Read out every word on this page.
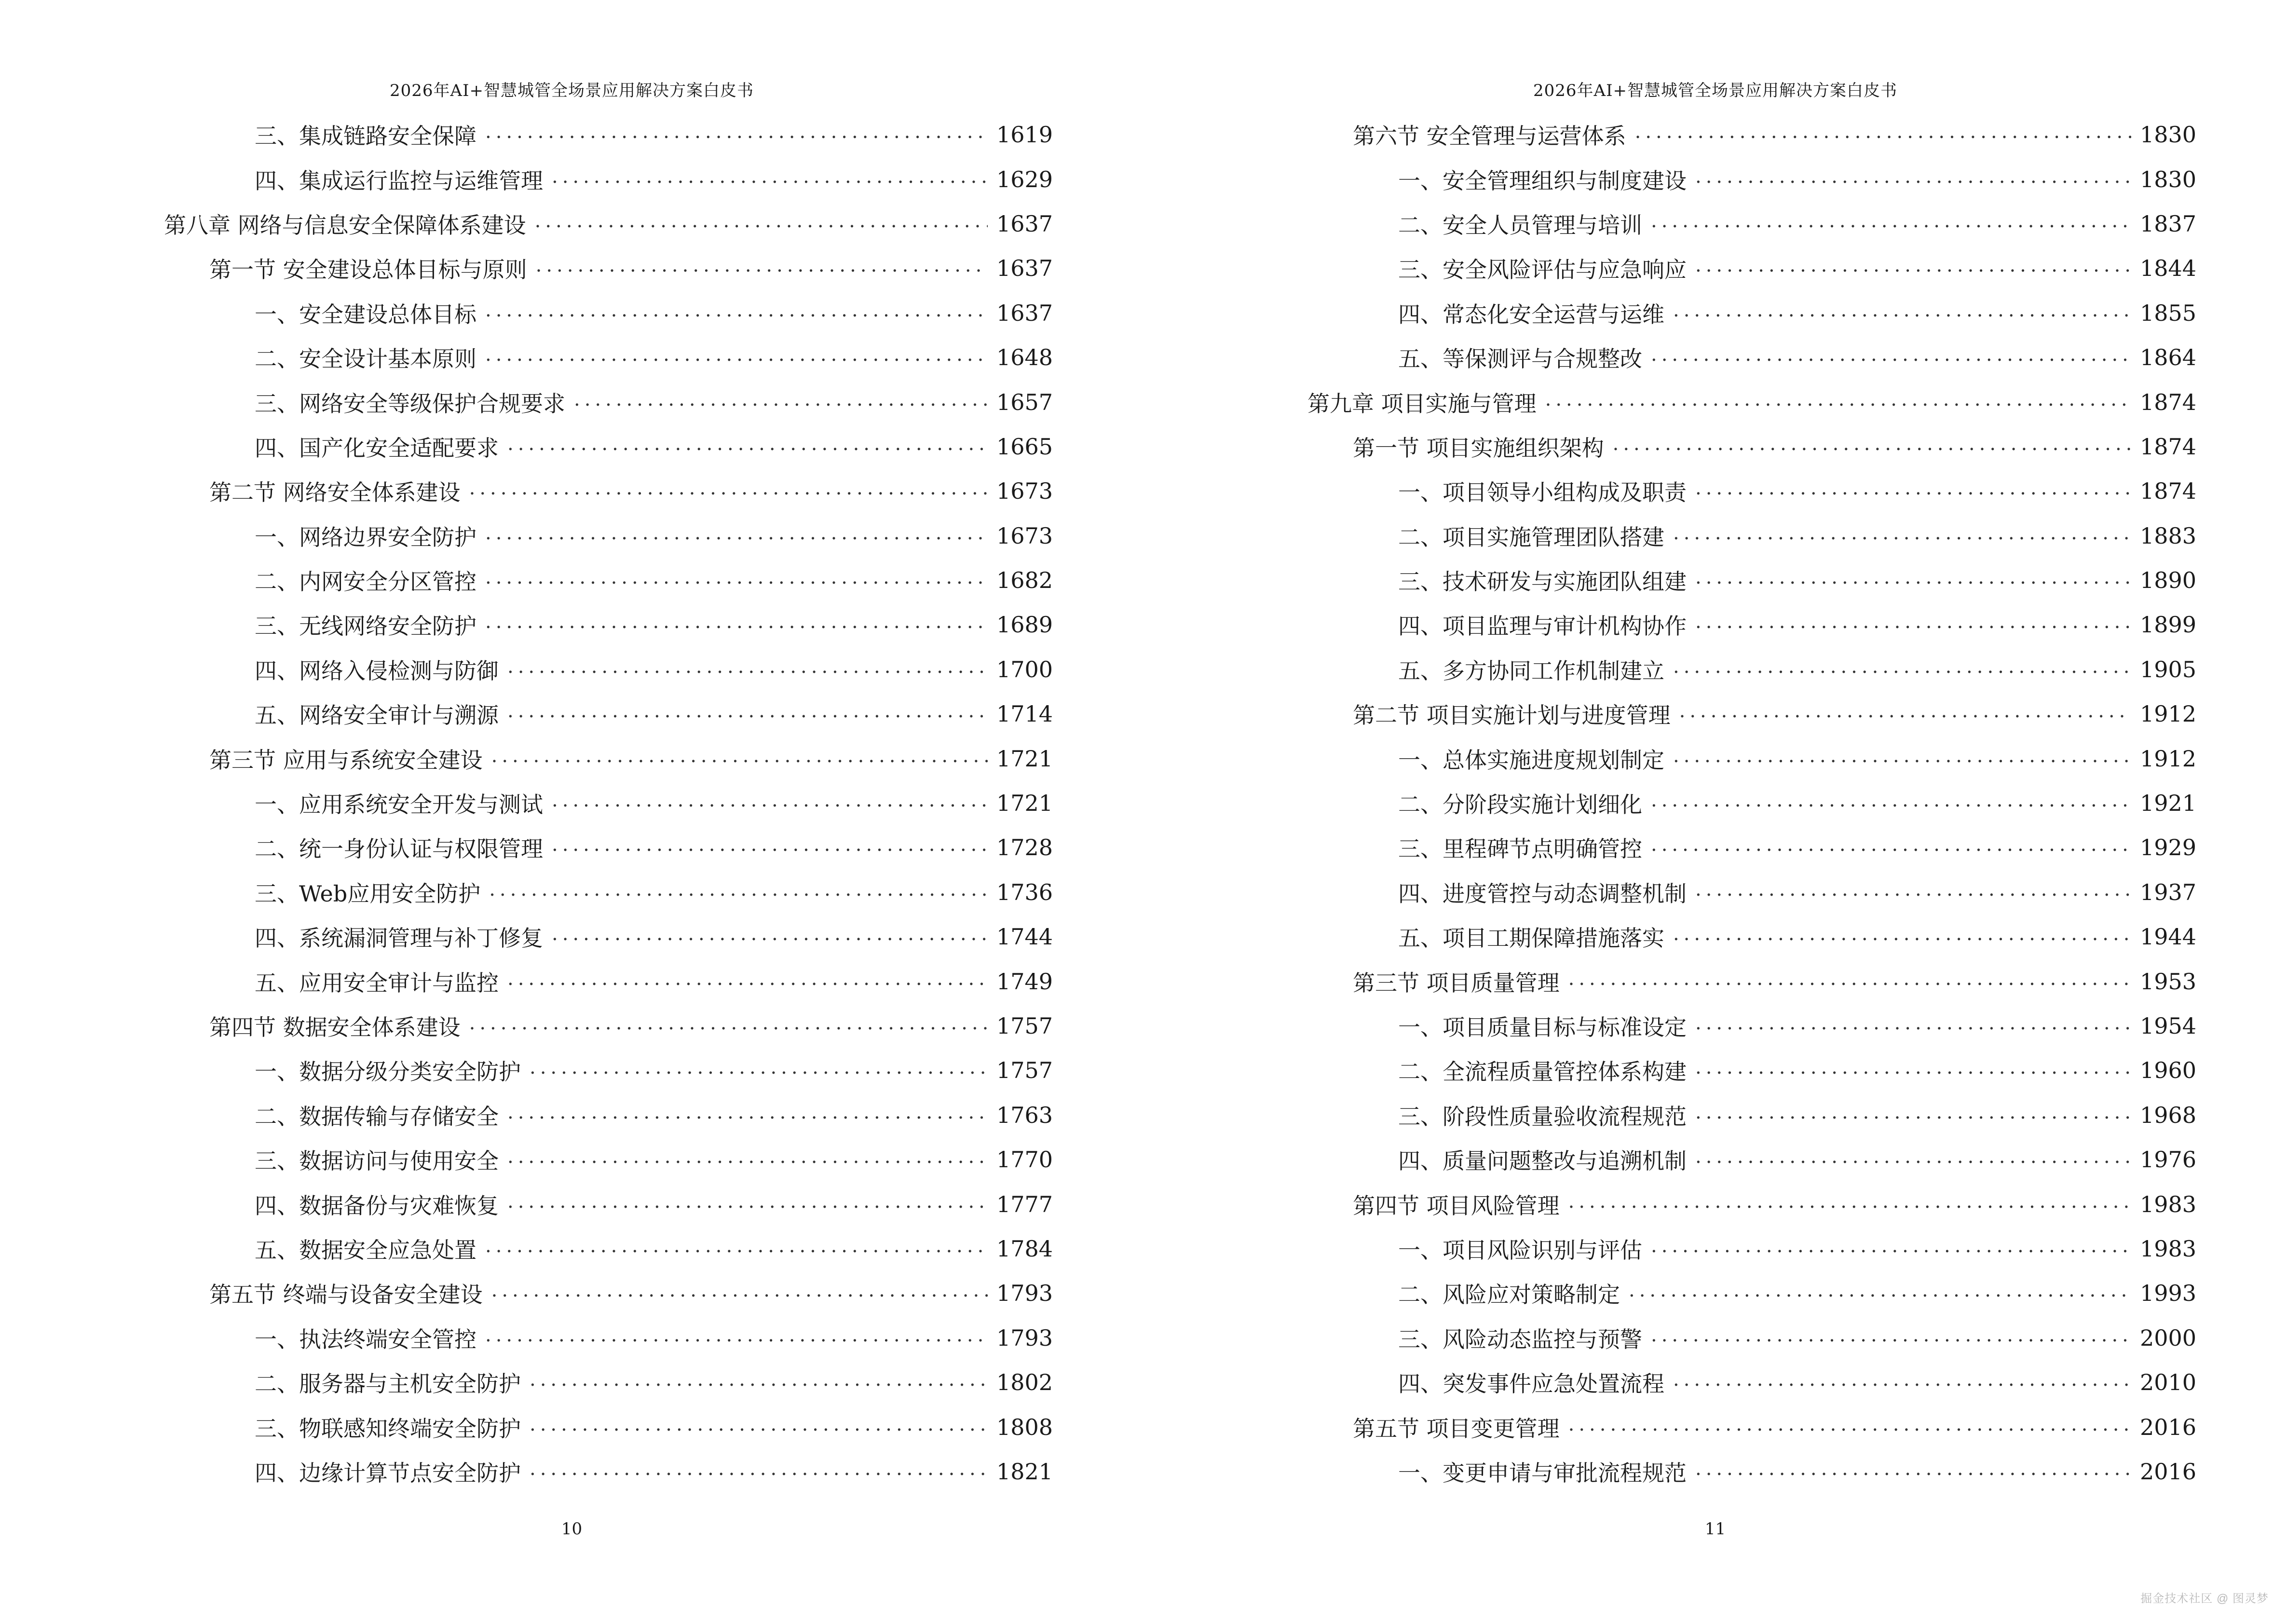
2026年AI+智慧城管全场景应用解决方案白皮书
三、集成链路安全保障 .....	1619
四、集成运行监控与运维管理 .....	1629
第八章 网络与信息安全保障体系建设 .....	1637
第一节 安全建设总体目标与原则 .....	1637
一、安全建设总体目标 .....	1637
二、安全设计基本原则 .....	1648
三、网络安全等级保护合规要求 .....	1657
四、国产化安全适配要求 .....	1665
第二节 网络安全体系建设 .....	1673
一、网络边界安全防护 .....	1673
二、内网安全分区管控 .....	1682
三、无线网络安全防护 .....	1689
四、网络入侵检测与防御 .....	1700
五、网络安全审计与溯源 .....	1714
第三节 应用与系统安全建设 .....	1721
一、应用系统安全开发与测试 .....	1721
二、统一身份认证与权限管理 .....	1728
三、Web应用安全防护 .....	1736
四、系统漏洞管理与补丁修复 .....	1744
五、应用安全审计与监控 .....	1749
第四节 数据安全体系建设 .....	1757
一、数据分级分类安全防护 .....	1757
二、数据传输与存储安全 .....	1763
三、数据访问与使用安全 .....	1770
四、数据备份与灾难恢复 .....	1777
五、数据安全应急处置 .....	1784
第五节 终端与设备安全建设 .....	1793
一、执法终端安全管控 .....	1793
二、服务器与主机安全防护 .....	1802
三、物联感知终端安全防护 .....	1808
四、边缘计算节点安全防护 .....	1821
10
2026年AI+智慧城管全场景应用解决方案白皮书
第六节 安全管理与运营体系 .....	1830
一、安全管理组织与制度建设 .....	1830
二、安全人员管理与培训 .....	1837
三、安全风险评估与应急响应 .....	1844
四、常态化安全运营与运维 .....	1855
五、等保测评与合规整改 .....	1864
第九章 项目实施与管理 .....	1874
第一节 项目实施组织架构 .....	1874
一、项目领导小组构成及职责 .....	1874
二、项目实施管理团队搭建 .....	1883
三、技术研发与实施团队组建 .....	1890
四、项目监理与审计机构协作 .....	1899
五、多方协同工作机制建立 .....	1905
第二节 项目实施计划与进度管理 .....	1912
一、总体实施进度规划制定 .....	1912
二、分阶段实施计划细化 .....	1921
三、里程碑节点明确管控 .....	1929
四、进度管控与动态调整机制 .....	1937
五、项目工期保障措施落实 .....	1944
第三节 项目质量管理 .....	1953
一、项目质量目标与标准设定 .....	1954
二、全流程质量管控体系构建 .....	1960
三、阶段性质量验收流程规范 .....	1968
四、质量问题整改与追溯机制 .....	1976
第四节 项目风险管理 .....	1983
一、项目风险识别与评估 .....	1983
二、风险应对策略制定 .....	1993
三、风险动态监控与预警 .....	2000
四、突发事件应急处置流程 .....	2010
第五节 项目变更管理 .....	2016
一、变更申请与审批流程规范 .....	2016
11
掘金技术社区 @ 图灵梦
